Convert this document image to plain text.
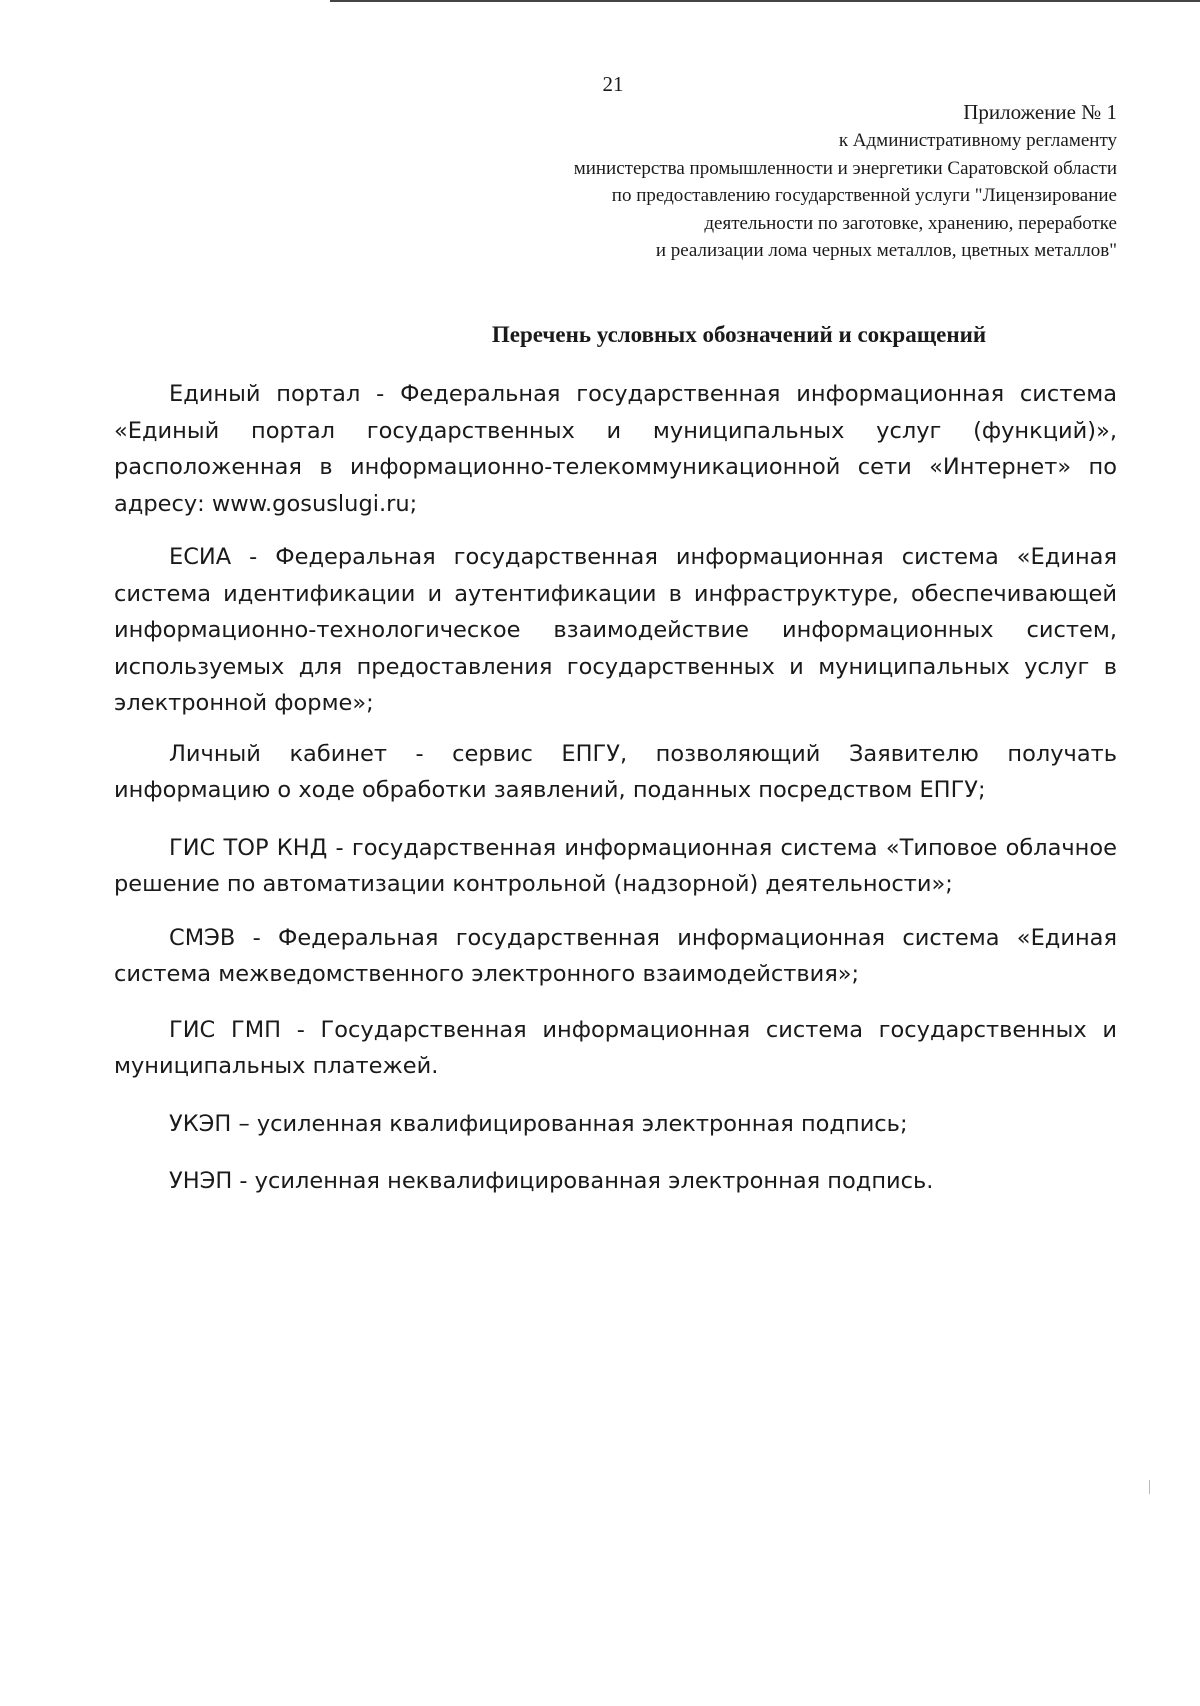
21
Приложение № 1
к Административному регламенту
министерства промышленности и энергетики Саратовской области
по предоставлению государственной услуги "Лицензирование
деятельности по заготовке, хранению, переработке
и реализации лома черных металлов, цветных металлов"
Перечень условных обозначений и сокращений

Единый портал - Федеральная государственная информационная система «Единый портал государственных и муниципальных услуг (функций)», расположенная в информационно-телекоммуникационной сети «Интернет» по адресу: www.gosuslugi.ru;

ЕСИА - Федеральная государственная информационная система «Единая система идентификации и аутентификации в инфраструктуре, обеспечивающей информационно-технологическое взаимодействие информационных систем, используемых для предоставления государственных и муниципальных услуг в электронной форме»;

Личный кабинет - сервис ЕПГУ, позволяющий Заявителю получать информацию о ходе обработки заявлений, поданных посредством ЕПГУ;

ГИС ТОР КНД - государственная информационная система «Типовое облачное решение по автоматизации контрольной (надзорной) деятельности»;

СМЭВ - Федеральная государственная информационная система «Единая система межведомственного электронного взаимодействия»;

ГИС ГМП - Государственная информационная система государственных и муниципальных платежей.

УКЭП – усиленная квалифицированная электронная подпись;

УНЭП - усиленная неквалифицированная электронная подпись.
